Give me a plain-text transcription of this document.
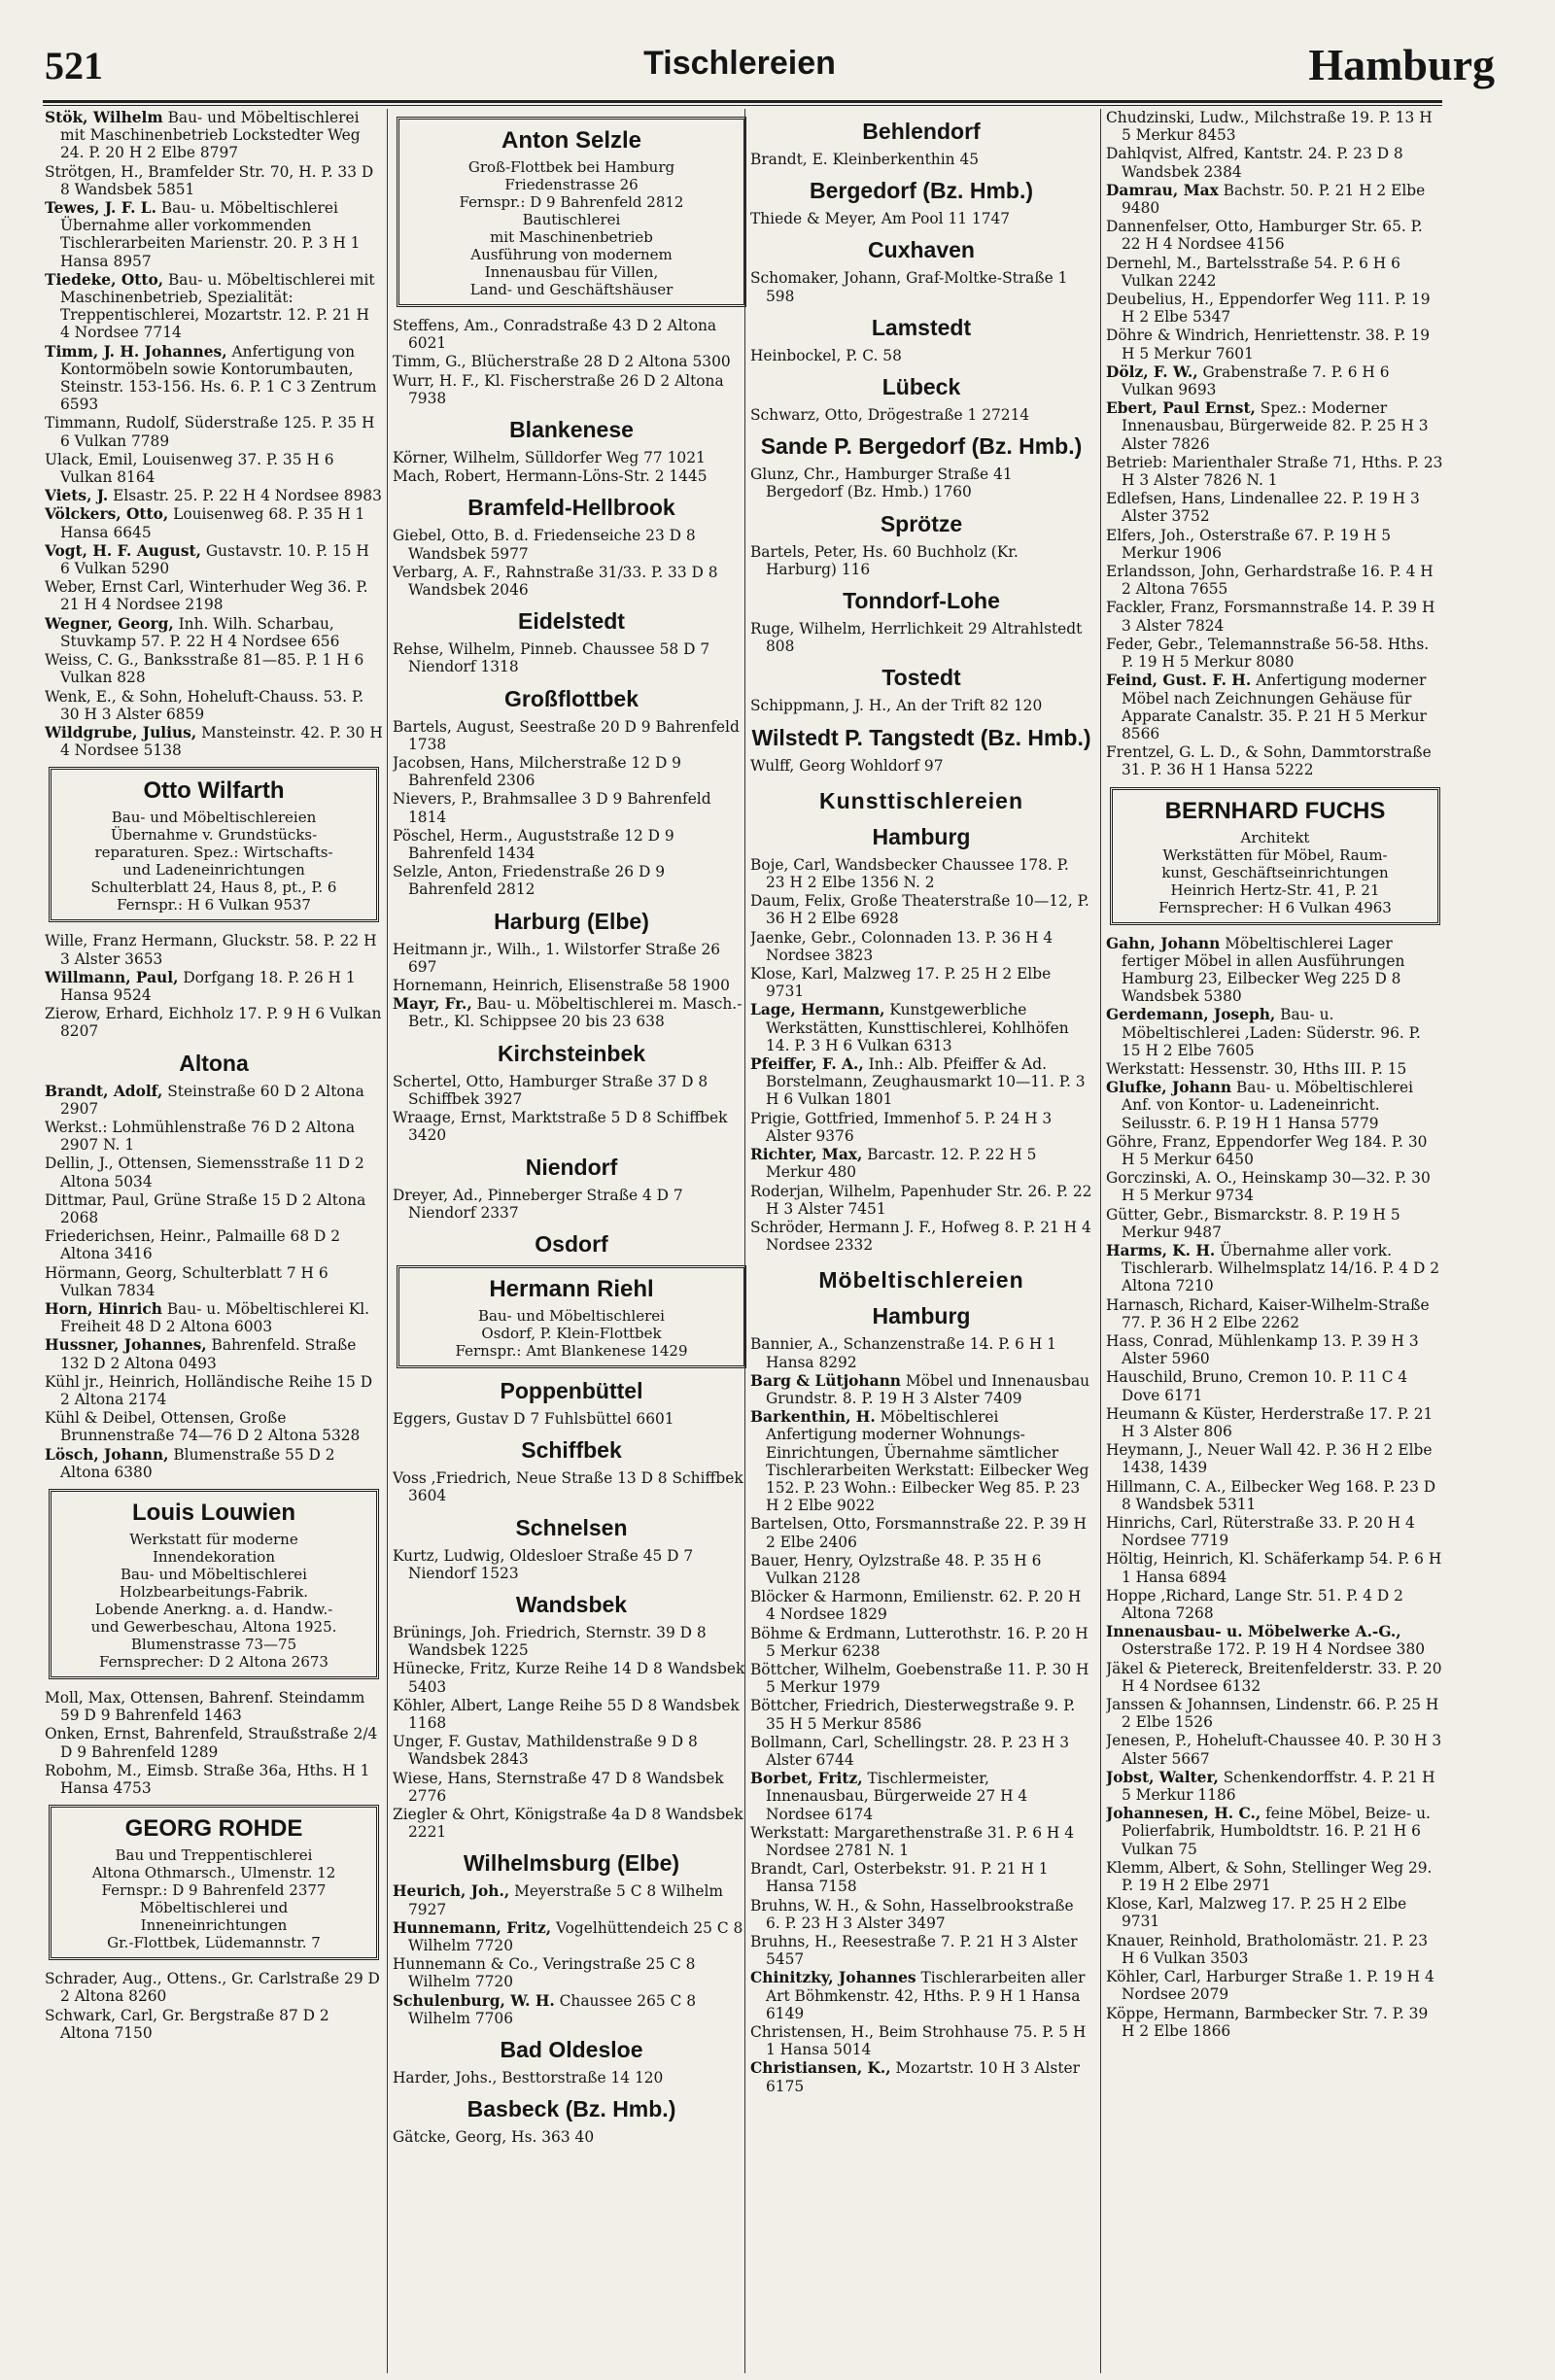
521	Tischlereien	Hamburg
Stök, Wilhelm Bau- und Möbeltischlerei mit Maschinenbetrieb Lockstedter Weg 24. P. 20 H 2 Elbe 8797
Strötgen, H., Bramfelder Str. 70, H. P. 33 D 8 Wandsbek 5851
Tewes, J. F. L. Bau- u. Möbeltischlerei Übernahme aller vorkommenden Tischlerarbeiten Marienstr. 20. P. 3 H 1 Hansa 8957
Tiedeke, Otto, Bau- u. Möbeltischlerei mit Maschinenbetrieb, Spezialität: Treppentischlerei, Mozartstr. 12. P. 21 H 4 Nordsee 7714
Timm, J. H. Johannes, Anfertigung von Kontormöbeln sowie Kontorumbauten, Steinstr. 153-156. Hs. 6. P. 1 C 3 Zentrum 6593
Timmann, Rudolf, Süderstraße 125. P. 35 H 6 Vulkan 7789
Ulack, Emil, Louisenweg 37. P. 35 H 6 Vulkan 8164
Viets, J. Elsastr. 25. P. 22 H 4 Nordsee 8983
Völckers, Otto, Louisenweg 68. P. 35 H 1 Hansa 6645
Vogt, H. F. August, Gustavstr. 10. P. 15 H 6 Vulkan 5290
Weber, Ernst Carl, Winterhuder Weg 36. P. 21 H 4 Nordsee 2198
Wegner, Georg, Inh. Wilh. Scharbau, Stuvkamp 57. P. 22 H 4 Nordsee 656
Weiss, C. G., Banksstraße 81—85. P. 1 H 6 Vulkan 828
Wenk, E., & Sohn, Hoheluft-Chauss. 53. P. 30 H 3 Alster 6859
Wildgrube, Julius, Mansteinstr. 42. P. 30 H 4 Nordsee 5138
Otto Wilfarth
Bau- und Möbeltischlereien
Übernahme v. Grundstücks-
reparaturen. Spez.: Wirtschafts-
und Ladeneinrichtungen
Schulterblatt 24, Haus 8, pt., P. 6
Fernspr.: H 6 Vulkan 9537
Wille, Franz Hermann, Gluckstr. 58. P. 22 H 3 Alster 3653
Willmann, Paul, Dorfgang 18. P. 26 H 1 Hansa 9524
Zierow, Erhard, Eichholz 17. P. 9 H 6 Vulkan 8207
Altona
Brandt, Adolf, Steinstraße 60 D 2 Altona 2907
Werkst.: Lohmühlenstraße 76 D 2 Altona 2907 N. 1
Dellin, J., Ottensen, Siemensstraße 11 D 2 Altona 5034
Dittmar, Paul, Grüne Straße 15 D 2 Altona 2068
Friederichsen, Heinr., Palmaille 68 D 2 Altona 3416
Hörmann, Georg, Schulterblatt 7 H 6 Vulkan 7834
Horn, Hinrich Bau- u. Möbeltischlerei Kl. Freiheit 48 D 2 Altona 6003
Hussner, Johannes, Bahrenfeld. Straße 132 D 2 Altona 0493
Kühl jr., Heinrich, Holländische Reihe 15 D 2 Altona 2174
Kühl & Deibel, Ottensen, Große Brunnenstraße 74—76 D 2 Altona 5328
Lösch, Johann, Blumenstraße 55 D 2 Altona 6380
Louis Louwien
Werkstatt für moderne
Innendekoration
Bau- und Möbeltischlerei
Holzbearbeitungs-Fabrik.
Lobende Anerkng. a. d. Handw.-
und Gewerbeschau, Altona 1925.
Blumenstrasse 73—75
Fernsprecher: D 2 Altona 2673
Moll, Max, Ottensen, Bahrenf. Steindamm 59 D 9 Bahrenfeld 1463
Onken, Ernst, Bahrenfeld, Straußstraße 2/4 D 9 Bahrenfeld 1289
Robohm, M., Eimsb. Straße 36a, Hths. H 1 Hansa 4753
GEORG ROHDE
Bau und Treppentischlerei
Altona Othmarsch., Ulmenstr. 12
Fernspr.: D 9 Bahrenfeld 2377
Möbeltischlerei und
Inneneinrichtungen
Gr.-Flottbek, Lüdemannstr. 7
Schrader, Aug., Ottens., Gr. Carlstraße 29 D 2 Altona 8260
Schwark, Carl, Gr. Bergstraße 87 D 2 Altona 7150
Anton Selzle
Groß-Flottbek bei Hamburg
Friedenstrasse 26
Fernspr.: D 9 Bahrenfeld 2812
Bautischlerei
mit Maschinenbetrieb
Ausführung von modernem
Innenausbau für Villen,
Land- und Geschäftshäuser
Steffens, Am., Conradstraße 43 D 2 Altona 6021
Timm, G., Blücherstraße 28 D 2 Altona 5300
Wurr, H. F., Kl. Fischerstraße 26 D 2 Altona 7938
Blankenese
Körner, Wilhelm, Sülldorfer Weg 77 1021
Mach, Robert, Hermann-Löns-Str. 2 1445
Bramfeld-Hellbrook
Giebel, Otto, B. d. Friedenseiche 23 D 8 Wandsbek 5977
Verbarg, A. F., Rahnstraße 31/33. P. 33 D 8 Wandsbek 2046
Eidelstedt
Rehse, Wilhelm, Pinneb. Chaussee 58 D 7 Niendorf 1318
Großflottbek
Bartels, August, Seestraße 20 D 9 Bahrenfeld 1738
Jacobsen, Hans, Milcherstraße 12 D 9 Bahrenfeld 2306
Nievers, P., Brahmsallee 3 D 9 Bahrenfeld 1814
Pöschel, Herm., Auguststraße 12 D 9 Bahrenfeld 1434
Selzle, Anton, Friedenstraße 26 D 9 Bahrenfeld 2812
Harburg (Elbe)
Heitmann jr., Wilh., 1. Wilstorfer Straße 26 697
Hornemann, Heinrich, Elisenstraße 58 1900
Mayr, Fr., Bau- u. Möbeltischlerei m. Masch.-Betr., Kl. Schippsee 20 bis 23 638
Kirchsteinbek
Schertel, Otto, Hamburger Straße 37 D 8 Schiffbek 3927
Wraage, Ernst, Marktstraße 5 D 8 Schiffbek 3420
Niendorf
Dreyer, Ad., Pinneberger Straße 4 D 7 Niendorf 2337
Osdorf
Hermann Riehl
Bau- und Möbeltischlerei
Osdorf, P. Klein-Flottbek
Fernspr.: Amt Blankenese 1429
Poppenbüttel
Eggers, Gustav D 7 Fuhlsbüttel 6601
Schiffbek
Voss ,Friedrich, Neue Straße 13 D 8 Schiffbek 3604
Schnelsen
Kurtz, Ludwig, Oldesloer Straße 45 D 7 Niendorf 1523
Wandsbek
Brünings, Joh. Friedrich, Sternstr. 39 D 8 Wandsbek 1225
Hünecke, Fritz, Kurze Reihe 14 D 8 Wandsbek 5403
Köhler, Albert, Lange Reihe 55 D 8 Wandsbek 1168
Unger, F. Gustav, Mathildenstraße 9 D 8 Wandsbek 2843
Wiese, Hans, Sternstraße 47 D 8 Wandsbek 2776
Ziegler & Ohrt, Königstraße 4a D 8 Wandsbek 2221
Wilhelmsburg (Elbe)
Heurich, Joh., Meyerstraße 5 C 8 Wilhelm 7927
Hunnemann, Fritz, Vogelhüttendeich 25 C 8 Wilhelm 7720
Hunnemann & Co., Veringstraße 25 C 8 Wilhelm 7720
Schulenburg, W. H. Chaussee 265 C 8 Wilhelm 7706
Bad Oldesloe
Harder, Johs., Besttorstraße 14 120
Basbeck (Bz. Hmb.)
Gätcke, Georg, Hs. 363 40
Behlendorf
Brandt, E. Kleinberkenthin 45
Bergedorf (Bz. Hmb.)
Thiede & Meyer, Am Pool 11 1747
Cuxhaven
Schomaker, Johann, Graf-Moltke-Straße 1 598
Lamstedt
Heinbockel, P. C. 58
Lübeck
Schwarz, Otto, Drögestraße 1 27214
Sande P. Bergedorf (Bz. Hmb.)
Glunz, Chr., Hamburger Straße 41 Bergedorf (Bz. Hmb.) 1760
Sprötze
Bartels, Peter, Hs. 60 Buchholz (Kr. Harburg) 116
Tonndorf-Lohe
Ruge, Wilhelm, Herrlichkeit 29 Altrahlstedt 808
Tostedt
Schippmann, J. H., An der Trift 82 120
Wilstedt P. Tangstedt (Bz. Hmb.)
Wulff, Georg Wohldorf 97
Kunsttischlereien
Hamburg
Boje, Carl, Wandsbecker Chaussee 178. P. 23 H 2 Elbe 1356 N. 2
Daum, Felix, Große Theaterstraße 10—12, P. 36 H 2 Elbe 6928
Jaenke, Gebr., Colonnaden 13. P. 36 H 4 Nordsee 3823
Klose, Karl, Malzweg 17. P. 25 H 2 Elbe 9731
Lage, Hermann, Kunstgewerbliche Werkstätten, Kunsttischlerei, Kohlhöfen 14. P. 3 H 6 Vulkan 6313
Pfeiffer, F. A., Inh.: Alb. Pfeiffer & Ad. Borstelmann, Zeughausmarkt 10—11. P. 3 H 6 Vulkan 1801
Prigie, Gottfried, Immenhof 5. P. 24 H 3 Alster 9376
Richter, Max, Barcastr. 12. P. 22 H 5 Merkur 480
Roderjan, Wilhelm, Papenhuder Str. 26. P. 22 H 3 Alster 7451
Schröder, Hermann J. F., Hofweg 8. P. 21 H 4 Nordsee 2332
Möbeltischlereien
Hamburg
Bannier, A., Schanzenstraße 14. P. 6 H 1 Hansa 8292
Barg & Lütjohann Möbel und Innenausbau Grundstr. 8. P. 19 H 3 Alster 7409
Barkenthin, H. Möbeltischlerei Anfertigung moderner Wohnungs-Einrichtungen, Übernahme sämtlicher Tischlerarbeiten Werkstatt: Eilbecker Weg 152. P. 23 Wohn.: Eilbecker Weg 85. P. 23 H 2 Elbe 9022
Bartelsen, Otto, Forsmannstraße 22. P. 39 H 2 Elbe 2406
Bauer, Henry, Oylzstraße 48. P. 35 H 6 Vulkan 2128
Blöcker & Harmonn, Emilienstr. 62. P. 20 H 4 Nordsee 1829
Böhme & Erdmann, Lutterothstr. 16. P. 20 H 5 Merkur 6238
Böttcher, Wilhelm, Goebenstraße 11. P. 30 H 5 Merkur 1979
Böttcher, Friedrich, Diesterwegstraße 9. P. 35 H 5 Merkur 8586
Bollmann, Carl, Schellingstr. 28. P. 23 H 3 Alster 6744
Borbet, Fritz, Tischlermeister, Innenausbau, Bürgerweide 27 H 4 Nordsee 6174
Werkstatt: Margarethenstraße 31. P. 6 H 4 Nordsee 2781 N. 1
Brandt, Carl, Osterbekstr. 91. P. 21 H 1 Hansa 7158
Bruhns, W. H., & Sohn, Hasselbrookstraße 6. P. 23 H 3 Alster 3497
Bruhns, H., Reesestraße 7. P. 21 H 3 Alster 5457
Chinitzky, Johannes Tischlerarbeiten aller Art Böhmkenstr. 42, Hths. P. 9 H 1 Hansa 6149
Christensen, H., Beim Strohhause 75. P. 5 H 1 Hansa 5014
Christiansen, K., Mozartstr. 10 H 3 Alster 6175
Chudzinski, Ludw., Milchstraße 19. P. 13 H 5 Merkur 8453
Dahlqvist, Alfred, Kantstr. 24. P. 23 D 8 Wandsbek 2384
Damrau, Max Bachstr. 50. P. 21 H 2 Elbe 9480
Dannenfelser, Otto, Hamburger Str. 65. P. 22 H 4 Nordsee 4156
Dernehl, M., Bartelsstraße 54. P. 6 H 6 Vulkan 2242
Deubelius, H., Eppendorfer Weg 111. P. 19 H 2 Elbe 5347
Döhre & Windrich, Henriettenstr. 38. P. 19 H 5 Merkur 7601
Dölz, F. W., Grabenstraße 7. P. 6 H 6 Vulkan 9693
Ebert, Paul Ernst, Spez.: Moderner Innenausbau, Bürgerweide 82. P. 25 H 3 Alster 7826
Betrieb: Marienthaler Straße 71, Hths. P. 23 H 3 Alster 7826 N. 1
Edlefsen, Hans, Lindenallee 22. P. 19 H 3 Alster 3752
Elfers, Joh., Osterstraße 67. P. 19 H 5 Merkur 1906
Erlandsson, John, Gerhardstraße 16. P. 4 H 2 Altona 7655
Fackler, Franz, Forsmannstraße 14. P. 39 H 3 Alster 7824
Feder, Gebr., Telemannstraße 56-58. Hths. P. 19 H 5 Merkur 8080
Feind, Gust. F. H. Anfertigung moderner Möbel nach Zeichnungen Gehäuse für Apparate Canalstr. 35. P. 21 H 5 Merkur 8566
Frentzel, G. L. D., & Sohn, Dammtorstraße 31. P. 36 H 1 Hansa 5222
BERNHARD FUCHS
Architekt
Werkstätten für Möbel, Raum-
kunst, Geschäftseinrichtungen
Heinrich Hertz-Str. 41, P. 21
Fernsprecher: H 6 Vulkan 4963
Gahn, Johann Möbeltischlerei Lager fertiger Möbel in allen Ausführungen Hamburg 23, Eilbecker Weg 225 D 8 Wandsbek 5380
Gerdemann, Joseph, Bau- u. Möbeltischlerei ,Laden: Süderstr. 96. P. 15 H 2 Elbe 7605
Werkstatt: Hessenstr. 30, Hths III. P. 15
Glufke, Johann Bau- u. Möbeltischlerei Anf. von Kontor- u. Ladeneinricht. Seilusstr. 6. P. 19 H 1 Hansa 5779
Göhre, Franz, Eppendorfer Weg 184. P. 30 H 5 Merkur 6450
Gorczinski, A. O., Heinskamp 30—32. P. 30 H 5 Merkur 9734
Gütter, Gebr., Bismarckstr. 8. P. 19 H 5 Merkur 9487
Harms, K. H. Übernahme aller vork. Tischlerarb. Wilhelmsplatz 14/16. P. 4 D 2 Altona 7210
Harnasch, Richard, Kaiser-Wilhelm-Straße 77. P. 36 H 2 Elbe 2262
Hass, Conrad, Mühlenkamp 13. P. 39 H 3 Alster 5960
Hauschild, Bruno, Cremon 10. P. 11 C 4 Dove 6171
Heumann & Küster, Herderstraße 17. P. 21 H 3 Alster 806
Heymann, J., Neuer Wall 42. P. 36 H 2 Elbe 1438, 1439
Hillmann, C. A., Eilbecker Weg 168. P. 23 D 8 Wandsbek 5311
Hinrichs, Carl, Rüterstraße 33. P. 20 H 4 Nordsee 7719
Höltig, Heinrich, Kl. Schäferkamp 54. P. 6 H 1 Hansa 6894
Hoppe ,Richard, Lange Str. 51. P. 4 D 2 Altona 7268
Innenausbau- u. Möbelwerke A.-G., Osterstraße 172. P. 19 H 4 Nordsee 380
Jäkel & Pietereck, Breitenfelderstr. 33. P. 20 H 4 Nordsee 6132
Janssen & Johannsen, Lindenstr. 66. P. 25 H 2 Elbe 1526
Jenesen, P., Hoheluft-Chaussee 40. P. 30 H 3 Alster 5667
Jobst, Walter, Schenkendorffstr. 4. P. 21 H 5 Merkur 1186
Johannesen, H. C., feine Möbel, Beize- u. Polierfabrik, Humboldtstr. 16. P. 21 H 6 Vulkan 75
Klemm, Albert, & Sohn, Stellinger Weg 29. P. 19 H 2 Elbe 2971
Klose, Karl, Malzweg 17. P. 25 H 2 Elbe 9731
Knauer, Reinhold, Bratholomästr. 21. P. 23 H 6 Vulkan 3503
Köhler, Carl, Harburger Straße 1. P. 19 H 4 Nordsee 2079
Köppe, Hermann, Barmbecker Str. 7. P. 39 H 2 Elbe 1866
